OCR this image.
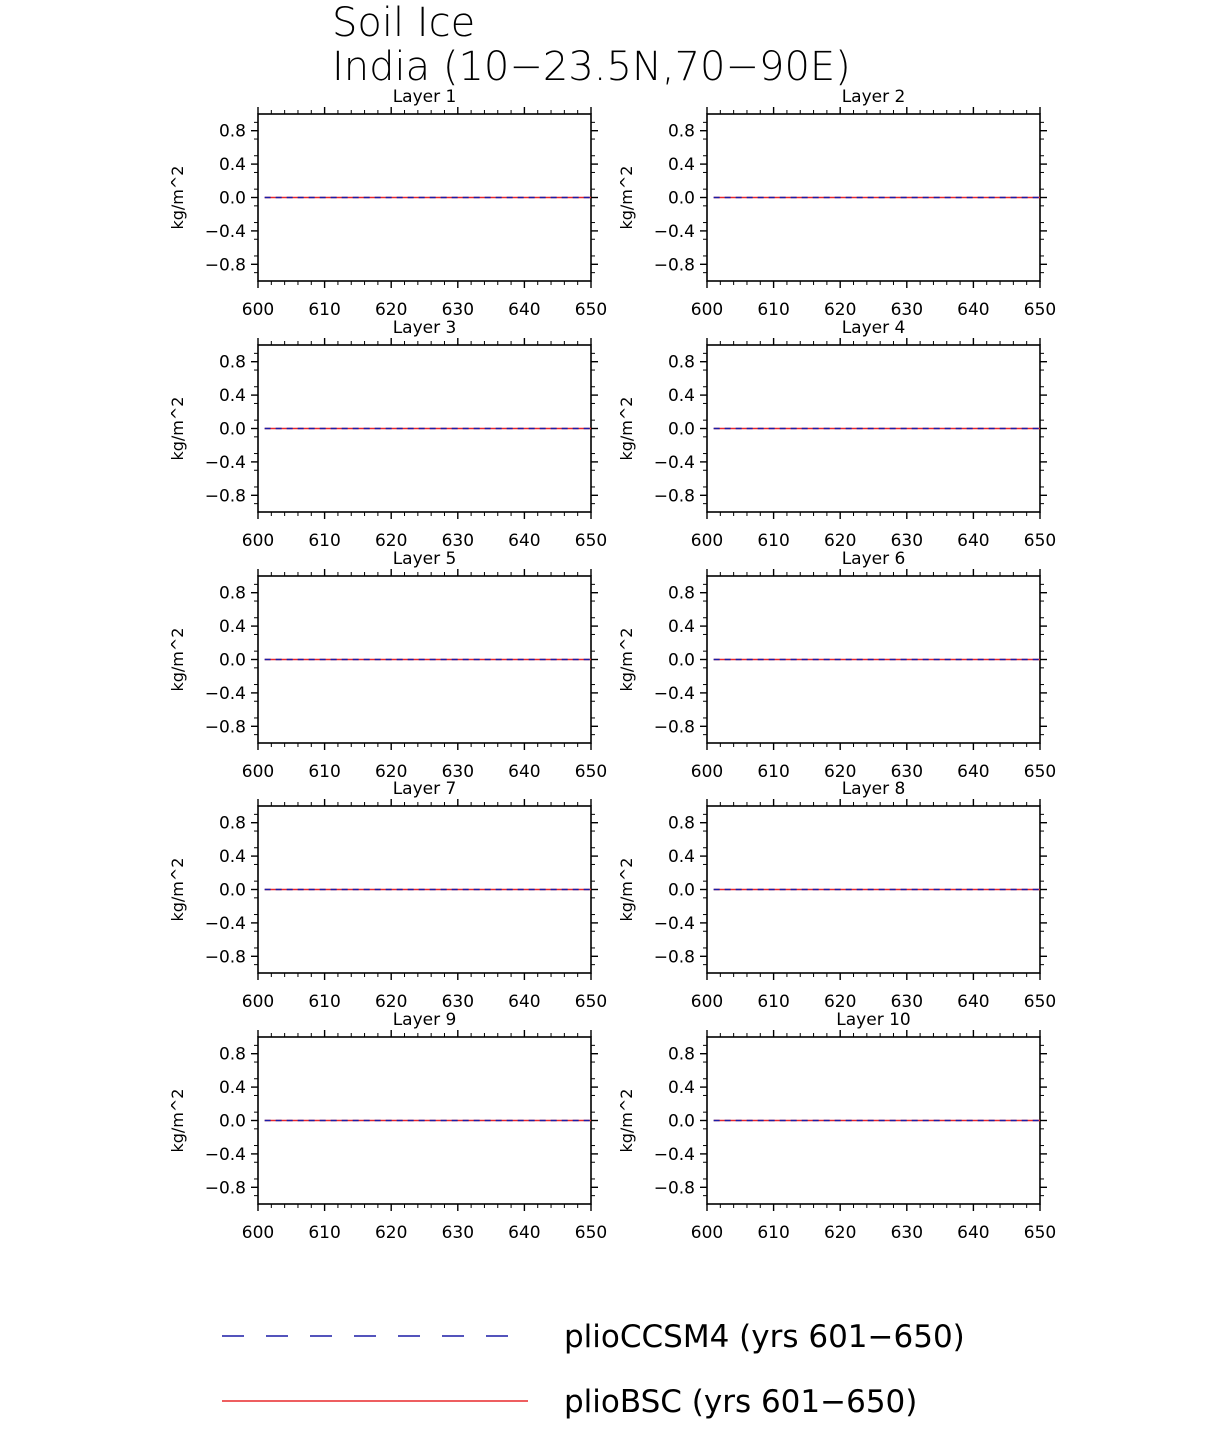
Soil Ice
India (10−23.5N,70−90E)
600 610 620 630 640 650
−0.8
−0.4
0.0
0.4
0.8
Layer 1
kg/m^2
600 610 620 630 640 650
−0.8
−0.4
0.0
0.4
0.8
Layer 2
kg/m^2
600 610 620 630 640 650
−0.8
−0.4
0.0
0.4
0.8
Layer 3
kg/m^2
600 610 620 630 640 650
−0.8
−0.4
0.0
0.4
0.8
Layer 4
kg/m^2
600 610 620 630 640 650
−0.8
−0.4
0.0
0.4
0.8
Layer 5
kg/m^2
600 610 620 630 640 650
−0.8
−0.4
0.0
0.4
0.8
Layer 6
kg/m^2
600 610 620 630 640 650
−0.8
−0.4
0.0
0.4
0.8
Layer 7
kg/m^2
600 610 620 630 640 650
−0.8
−0.4
0.0
0.4
0.8
Layer 8
kg/m^2
600 610 620 630 640 650
−0.8
−0.4
0.0
0.4
0.8
Layer 9
kg/m^2
600 610 620 630 640 650
−0.8
−0.4
0.0
0.4
0.8
Layer 10
kg/m^2
plioCCSM4 (yrs 601−650)
plioBSC (yrs 601−650)
